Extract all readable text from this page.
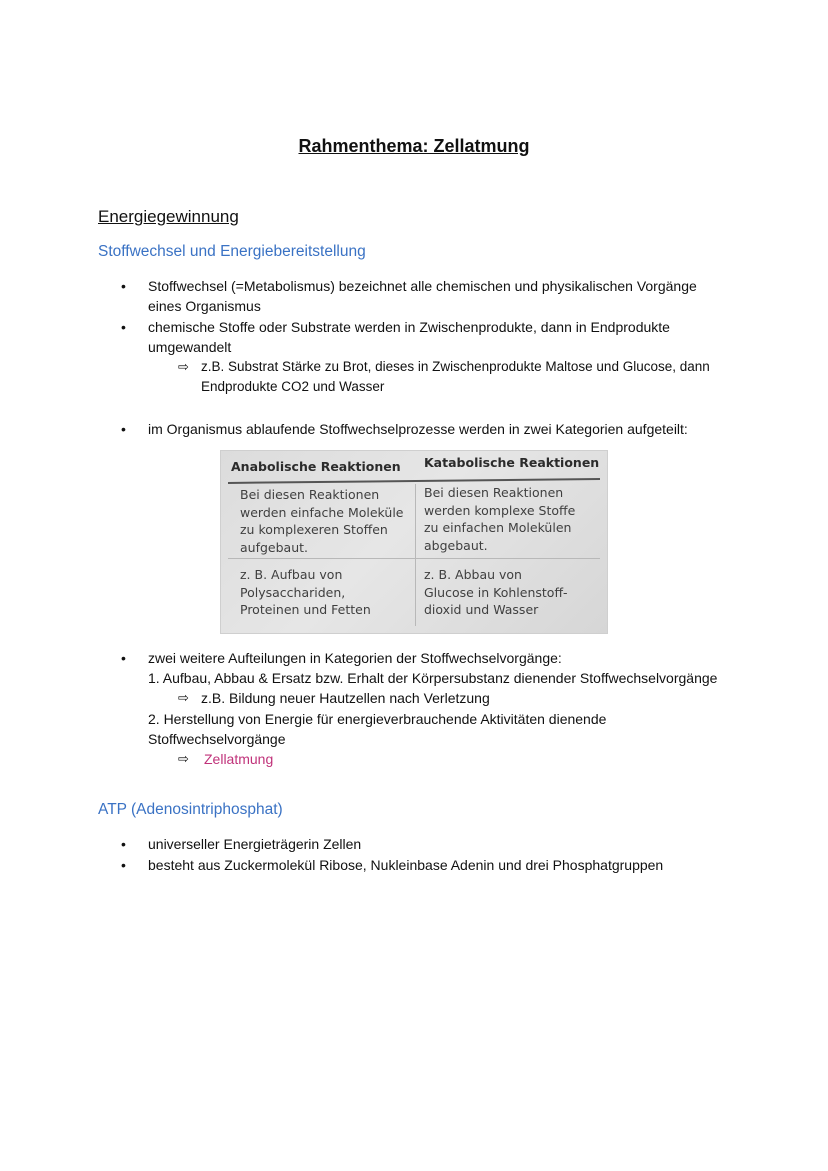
Rahmenthema: Zellatmung
Energiegewinnung
Stoffwechsel und Energiebereitstellung
• Stoffwechsel (=Metabolismus) bezeichnet alle chemischen und physikalischen Vorgänge
eines Organismus
• chemische Stoffe oder Substrate werden in Zwischenprodukte, dann in Endprodukte
umgewandelt
⇨ z.B. Substrat Stärke zu Brot, dieses in Zwischenprodukte Maltose und Glucose, dann
Endprodukte CO2 und Wasser
• im Organismus ablaufende Stoffwechselprozesse werden in zwei Kategorien aufgeteilt:
Anabolische Reaktionen Katabolische Reaktionen
Bei diesen Reaktionen
werden einfache Moleküle
zu komplexeren Stoffen
aufgebaut.
Bei diesen Reaktionen
werden komplexe Stoffe
zu einfachen Molekülen
abgebaut.
z. B. Aufbau von
Polysacchariden,
Proteinen und Fetten
z. B. Abbau von
Glucose in Kohlenstoff-
dioxid und Wasser
• zwei weitere Aufteilungen in Kategorien der Stoffwechselvorgänge:
1. Aufbau, Abbau & Ersatz bzw. Erhalt der Körpersubstanz dienender Stoffwechselvorgänge
⇨ z.B. Bildung neuer Hautzellen nach Verletzung
2. Herstellung von Energie für energieverbrauchende Aktivitäten dienende
Stoffwechselvorgänge
⇨ Zellatmung
ATP (Adenosintriphosphat)
• universeller Energieträgerin Zellen
• besteht aus Zuckermolekül Ribose, Nukleinbase Adenin und drei Phosphatgruppen
